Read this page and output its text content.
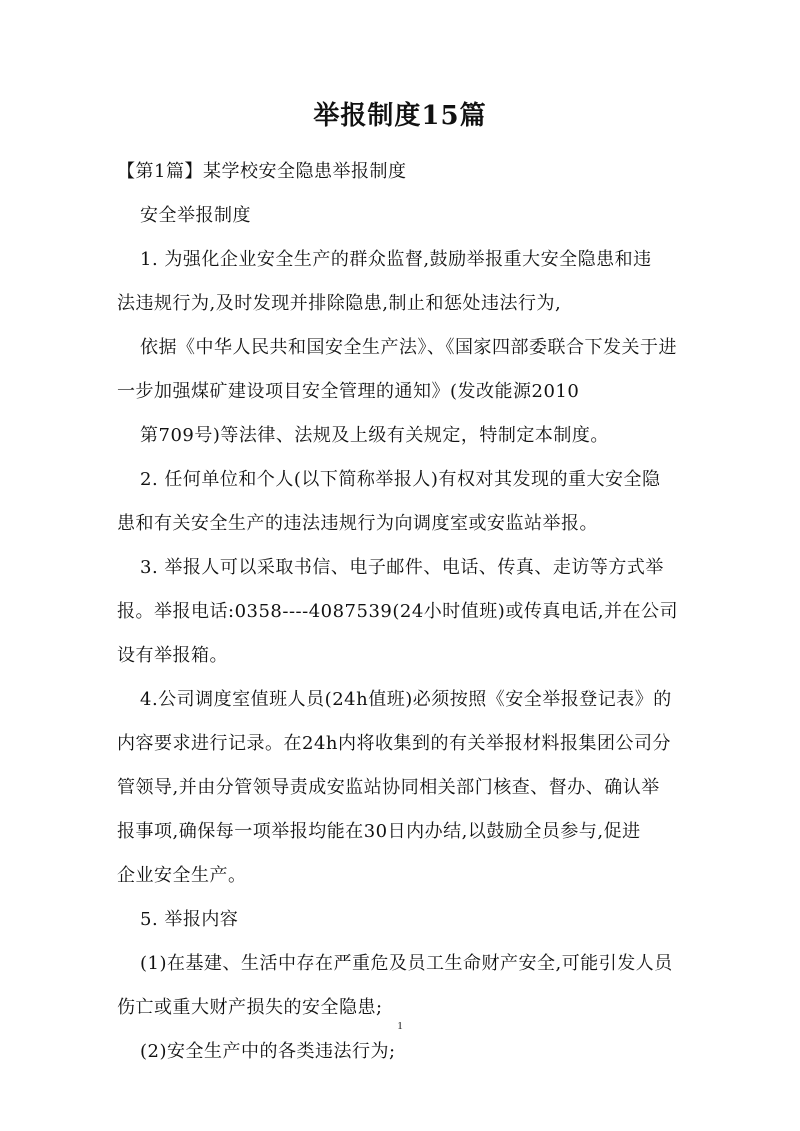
举报制度15篇
【第1篇】某学校安全隐患举报制度
安全举报制度
1. 为强化企业安全生产的群众监督,鼓励举报重大安全隐患和违
法违规行为,及时发现并排除隐患,制止和惩处违法行为,
依据《中华人民共和国安全生产法》、《国家四部委联合下发关于进
一步加强煤矿建设项目安全管理的通知》(发改能源2010
第709号)等法律、法规及上级有关规定，特制定本制度。
2. 任何单位和个人(以下简称举报人)有权对其发现的重大安全隐
患和有关安全生产的违法违规行为向调度室或安监站举报。
3. 举报人可以采取书信、电子邮件、电话、传真、走访等方式举
报。举报电话:0358----4087539(24小时值班)或传真电话,并在公司
设有举报箱。
4.公司调度室值班人员(24h值班)必须按照《安全举报登记表》的
内容要求进行记录。在24h内将收集到的有关举报材料报集团公司分
管领导,并由分管领导责成安监站协同相关部门核查、督办、确认举
报事项,确保每一项举报均能在30日内办结,以鼓励全员参与,促进
企业安全生产。
5. 举报内容
(1)在基建、生活中存在严重危及员工生命财产安全,可能引发人员
伤亡或重大财产损失的安全隐患;
(2)安全生产中的各类违法行为;
1
